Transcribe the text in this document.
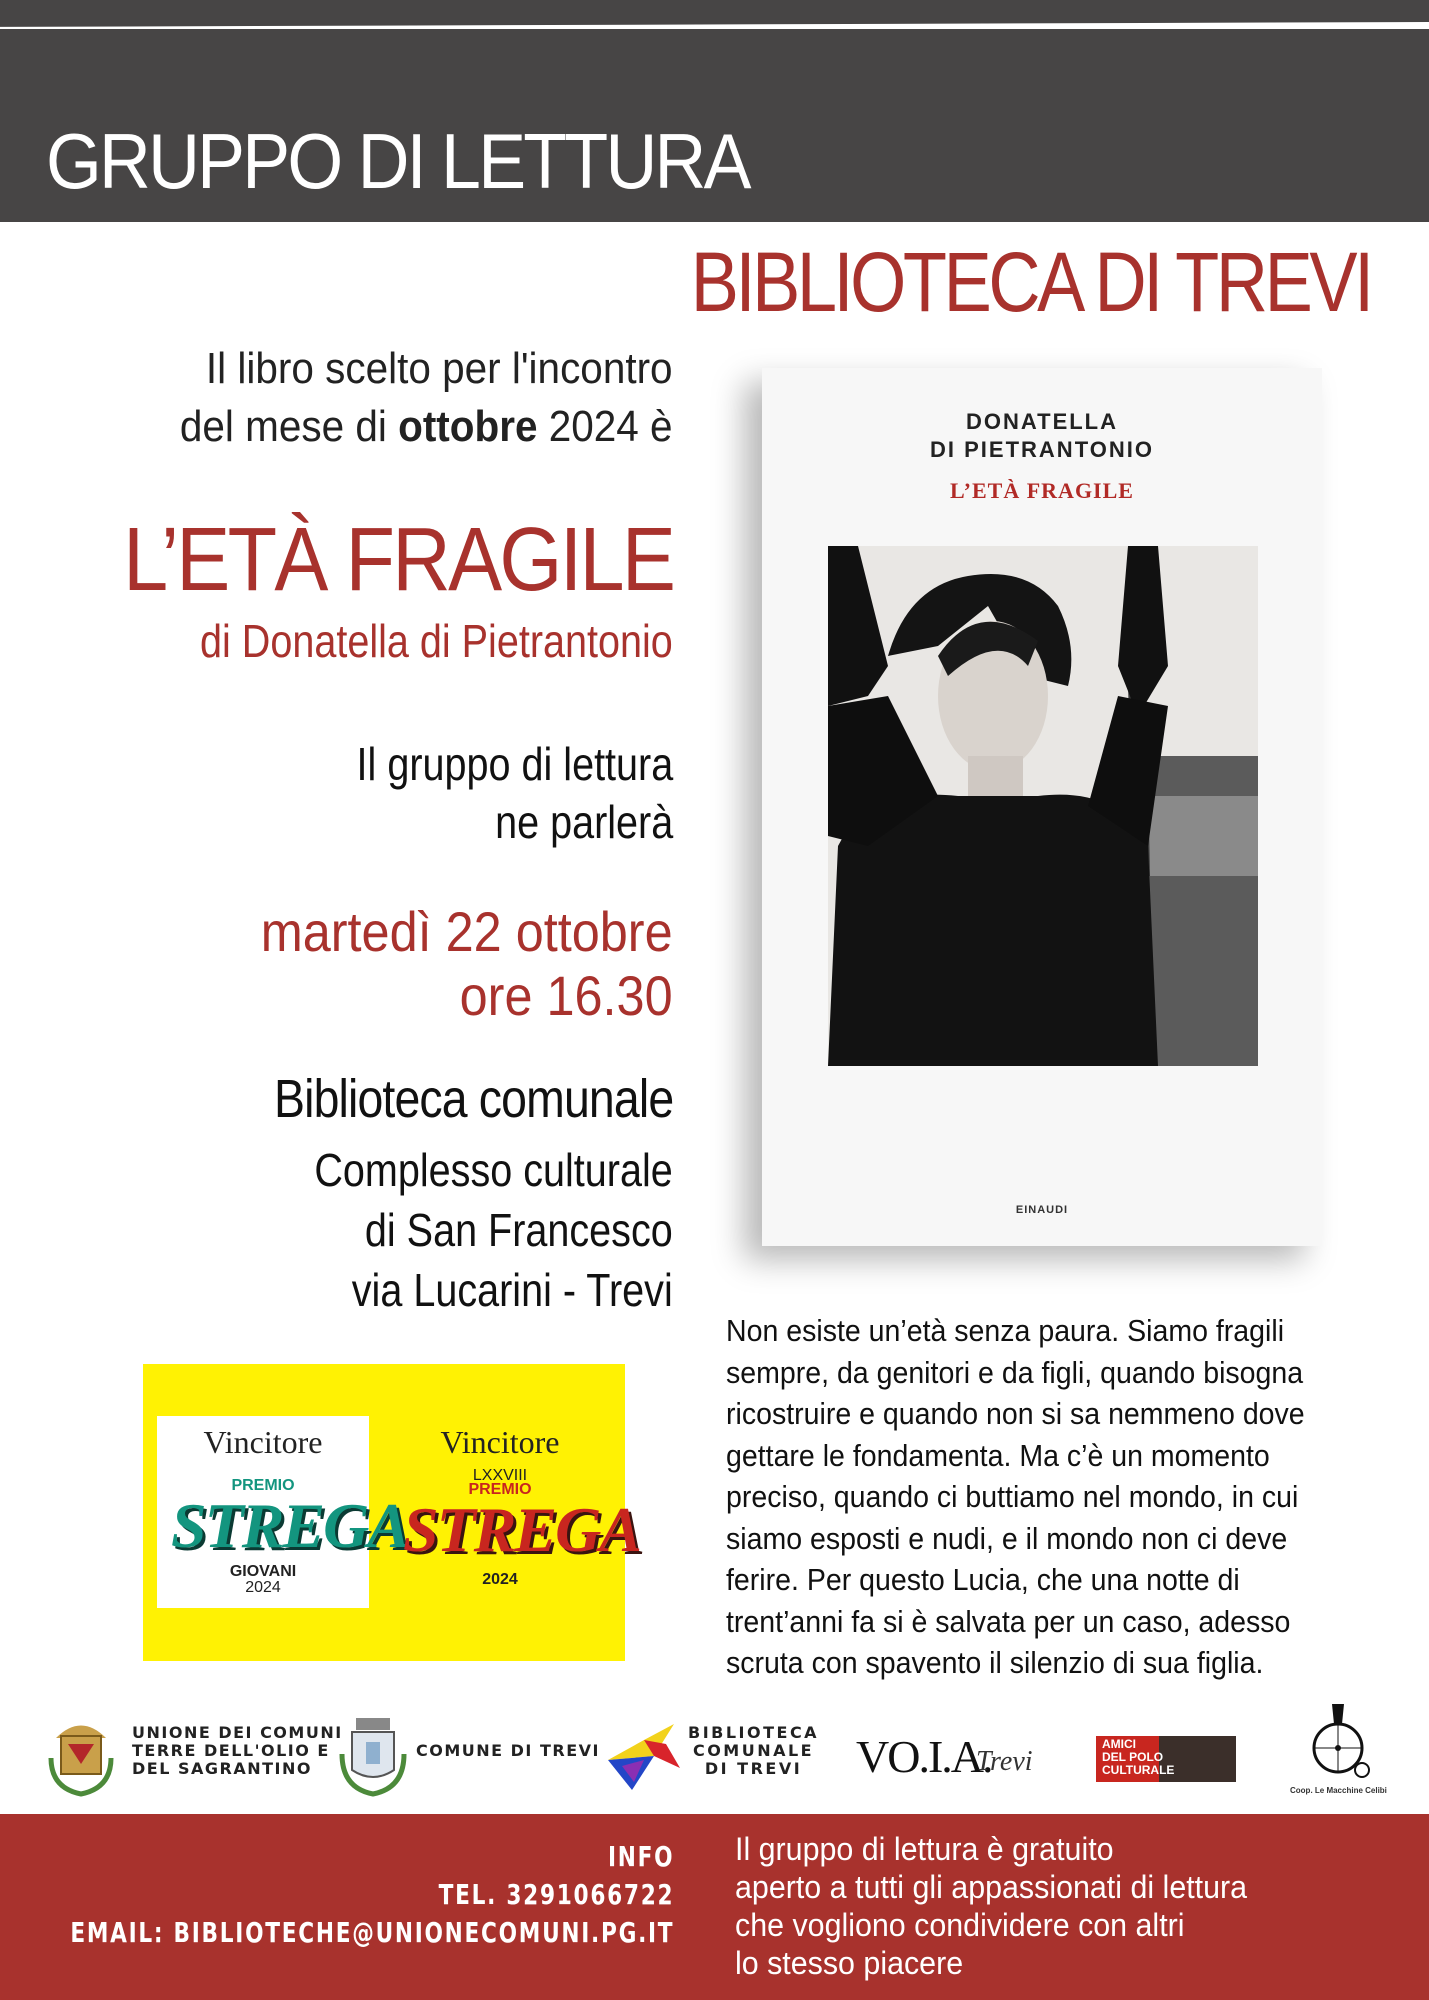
GRUPPO DI LETTURA
BIBLIOTECA DI TREVI
Il libro scelto per l'incontro
del mese di ottobre 2024 è
L’ETÀ FRAGILE
di Donatella di Pietrantonio
Il gruppo di lettura
ne parlerà
martedì 22 ottobre
ore 16.30
Biblioteca comunale
Complesso culturale
di San Francesco
via Lucarini - Trevi
DONATELLA
DI PIETRANTONIO
L’ETÀ FRAGILE
EINAUDI
Non esiste un’età senza paura. Siamo fragili sempre, da genitori e da figli, quando bisogna ricostruire e quando non si sa nemmeno dove gettare le fondamenta. Ma c’è un momento preciso, quando ci buttiamo nel mondo, in cui siamo esposti e nudi, e il mondo non ci deve ferire. Per questo Lucia, che una notte di trent’anni fa si è salvata per un caso, adesso scruta con spavento il silenzio di sua figlia.
Vincitore
PREMIO
STREGA
GIOVANI
2024
Vincitore
LXXVIII
PREMIO
STREGA
2024
UNIONE DEI COMUNI
TERRE DELL'OLIO E
DEL SAGRANTINO
COMUNE DI TREVI
BIBLIOTECA
COMUNALE
DI TREVI	VO.I.A.
Trevi
AMICI
DEL POLO
CULTURALE
Coop. Le Macchine Celibi
INFO
TEL. 3291066722
EMAIL: BIBLIOTECHE@UNIONECOMUNI.PG.IT
Il gruppo di lettura è gratuito
aperto a tutti gli appassionati di lettura
che vogliono condividere con altri
lo stesso piacere
